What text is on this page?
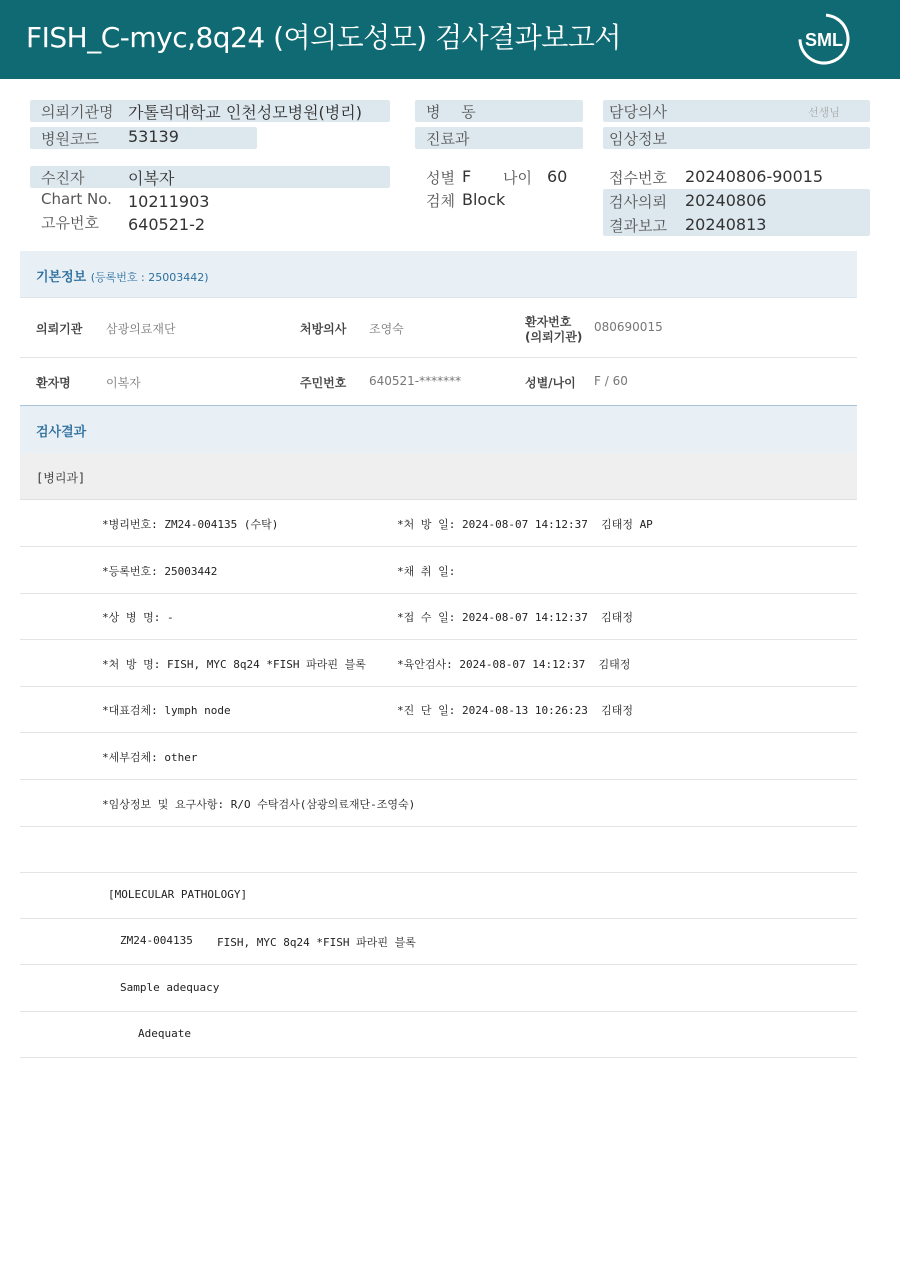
FISH_C-myc,8q24 (여의도성모) 검사결과보고서	SML
의뢰기관명 가톨릭대학교 인천성모병원(병리)
병원코드 53139
병 동
진료과
담당의사	선생님
임상정보
수진자	이복자
Chart No. 10211903
고유번호 640521-2
성별 F 나이 60
검체 Block
접수번호 20240806-90015
검사의뢰 20240806
결과보고 20240813
기본정보 (등록번호 : 25003442)
의뢰기관 삼광의료재단	처방의사 조영숙	환자번호
(의뢰기관)
080690015
환자명	이복자	주민번호 640521-*******	성별/나이 F / 60
검사결과
[병리과]
*병리번호: ZM24-004135 (수탁)	*처 방 일: 2024-08-07 14:12:37  김태정 AP
*등록번호: 25003442	*채 취 일:
*상 병 명: -	*접 수 일: 2024-08-07 14:12:37  김태정
*처 방 명: FISH, MYC 8q24 *FISH 파라핀 블록	*육안검사: 2024-08-07 14:12:37  김태정
*대표검체: lymph node	*진 단 일: 2024-08-13 10:26:23  김태정
*세부검체: other
*임상정보 및 요구사항: R/O 수탁검사(삼광의료재단-조영숙)
[MOLECULAR PATHOLOGY]
ZM24-004135 FISH, MYC 8q24 *FISH 파라핀 블록
Sample adequacy
Adequate
